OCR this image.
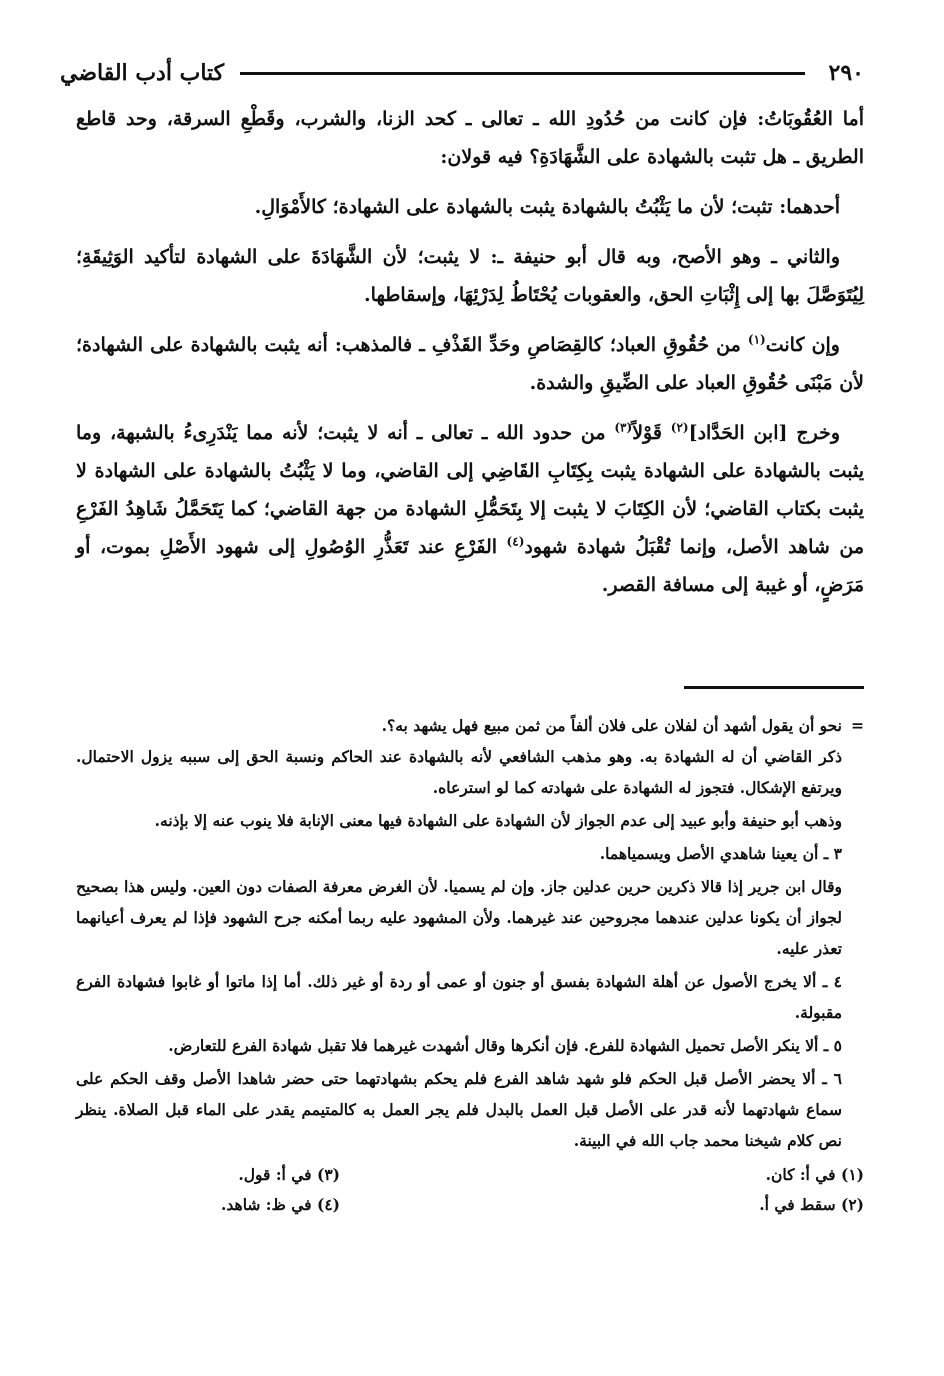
٢٩٠
كتاب أدب القاضي

أما العُقُوبَاتُ: فإن كانت من حُدُودِ الله ـ تعالى ـ كحد الزنا، والشرب، وقَطْعِ السرقة، وحد قاطع الطريق ـ هل تثبت بالشهادة على الشَّهَادَةِ؟ فيه قولان:

أحدهما: تثبت؛ لأن ما يَثْبُتُ بالشهادة يثبت بالشهادة على الشهادة؛ كالأَمْوَالِ.

والثاني ـ وهو الأصح، وبه قال أبو حنيفة ـ: لا يثبت؛ لأن الشَّهَادَةَ على الشهادة لتأكيد الوَثِيقَةِ؛ لِيُتَوَصَّلَ بها إلى إِثْبَاتِ الحق، والعقوبات يُحْتَاطُ لِدَرْئِهَا، وإسقاطها.

وإن كانت$^{(١)}$ من حُقُوقِ العباد؛ كالقِصَاصِ وحَدِّ القَذْفِ ـ فالمذهب: أنه يثبت بالشهادة على الشهادة؛ لأن مَبْنَى حُقُوقِ العباد على الضِّيقِ والشدة.

وخرج [ابن الحَدَّاد]$^{(٢)}$ قَوْلاً$^{(٣)}$ من حدود الله ـ تعالى ـ أنه لا يثبت؛ لأنه مما يَنْدَرِىءُ بالشبهة، وما يثبت بالشهادة على الشهادة يثبت بِكِتَابِ القَاضِي إلى القاضي، وما لا يَثْبُتُ بالشهادة على الشهادة لا يثبت بكتاب القاضي؛ لأن الكِتَابَ لا يثبت إلا بِتَحَمُّلِ الشهادة من جهة القاضي؛ كما يَتَحَمَّلُ شَاهِدُ الفَرْعِ من شاهد الأصل، وإنما تُقْبَلُ شهادة شهود$^{(٤)}$ الفَرْعِ عند تَعَذُّرِ الوُصُولِ إلى شهود الأَصْلِ بموت، أو مَرَضٍ، أو غيبة إلى مسافة القصر.

=
نحو أن يقول أشهد أن لفلان على فلان ألفاً من ثمن مبيع فهل يشهد به؟.

ذكر القاضي أن له الشهادة به. وهو مذهب الشافعي لأنه بالشهادة عند الحاكم ونسبة الحق إلى سببه يزول الاحتمال. ويرتفع الإشكال. فتجوز له الشهادة على شهادته كما لو استرعاه.

وذهب أبو حنيفة وأبو عبيد إلى عدم الجواز لأن الشهادة على الشهادة فيها معنى الإنابة فلا ينوب عنه إلا بإذنه.

٣ ـ أن يعينا شاهدي الأصل ويسمياهما.

وقال ابن جرير إذا قالا ذكرين حرين عدلين جاز. وإن لم يسميا. لأن الغرض معرفة الصفات دون العين. وليس هذا بصحيح لجواز أن يكونا عدلين عندهما مجروحين عند غيرهما. ولأن المشهود عليه ربما أمكنه جرح الشهود فإذا لم يعرف أعيانهما تعذر عليه.

٤ ـ ألا يخرج الأصول عن أهلة الشهادة بفسق أو جنون أو عمى أو ردة أو غير ذلك. أما إذا ماتوا أو غابوا فشهادة الفرع مقبولة.

٥ ـ ألا ينكر الأصل تحميل الشهادة للفرع. فإن أنكرها وقال أشهدت غيرهما فلا تقبل شهادة الفرع للتعارض.

٦ ـ ألا يحضر الأصل قبل الحكم فلو شهد شاهد الفرع فلم يحكم بشهادتهما حتى حضر شاهدا الأصل وقف الحكم على سماع شهادتهما لأنه قدر على الأصل قبل العمل بالبدل فلم يجر العمل به كالمتيمم يقدر على الماء قبل الصلاة. ينظر نص كلام شيخنا محمد جاب الله في البينة.

(١) في أ: كان.
(٣) في أ: قول.
(٢) سقط في أ.
(٤) في ظ: شاهد.
